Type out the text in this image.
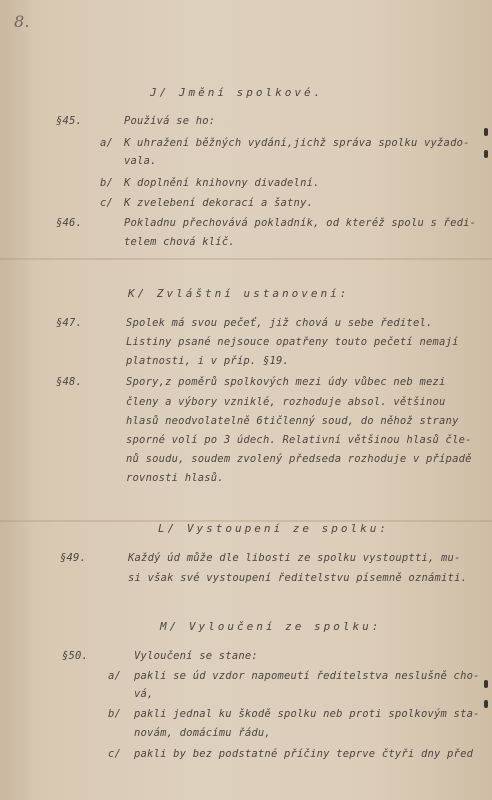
8.
J/ Jmění spolkové.
§45.	Používá se ho:
a/ K uhražení běžných vydání,jichž správa spolku vyžado-
vala.
b/ K doplnění knihovny divadelní.
c/ K zvelebení dekorací a šatny.
§46.	Pokladnu přechovává pokladník, od kteréž spolu s ředi-
telem chová klíč.
K/ Zvláštní ustanovení:
§47.	Spolek má svou pečeť, již chová u sebe ředitel.
Listiny psané nejsouce opatřeny touto pečetí nemají
platnosti, i v příp. §19.
§48.	Spory,z poměrů spolkových mezi údy vůbec neb mezi
členy a výbory vzniklé, rozhoduje absol. většinou
hlasů neodvolatelně 6tičlenný soud, do něhož strany
sporné volí po 3 údech. Relativní většinou hlasů čle-
nů soudu, soudem zvolený předseda rozhoduje v případě
rovnosti hlasů.
L/ Vystoupení ze spolku:
§49.	Každý úd může dle libosti ze spolku vystouptti, mu-
si však své vystoupení ředitelstvu písemně oznámiti.
M/ Vyloučení ze spolku:
§50.	Vyloučení se stane:
a/ pakli se úd vzdor napomeutí ředitelstva neslušně cho-
vá,
b/ pakli jednal ku škodě spolku neb proti spolkovým sta-
novám, domácímu řádu,
c/ pakli by bez podstatné příčiny teprve čtyři dny před
